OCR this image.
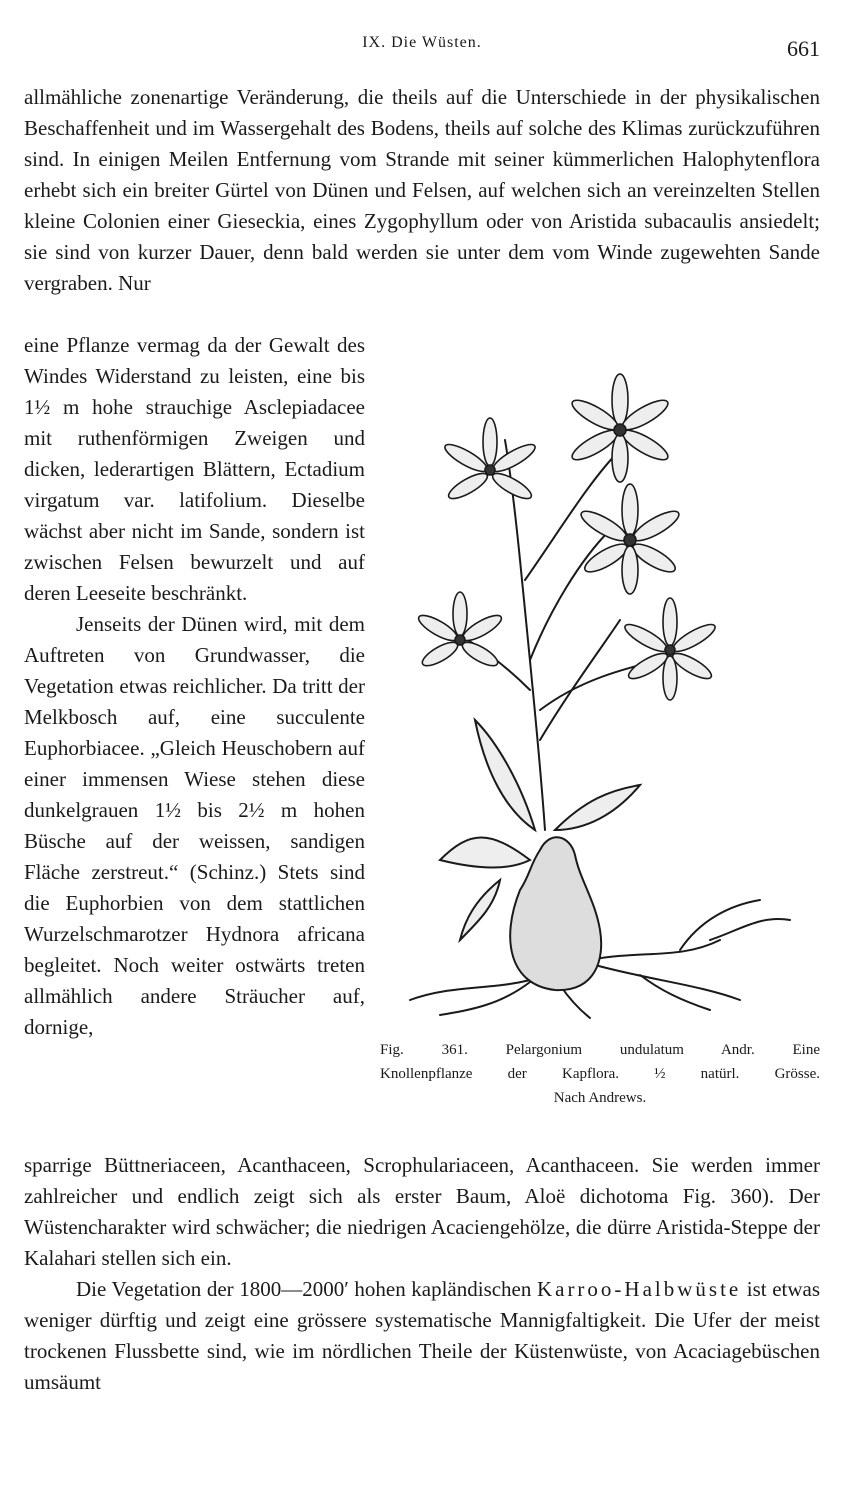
IX. Die Wüsten.	661

allmähliche zonenartige Veränderung, die theils auf die Unterschiede in der physikalischen Beschaffenheit und im Wassergehalt des Bodens, theils auf solche des Klimas zurückzuführen sind. In einigen Meilen Entfernung vom Strande mit seiner kümmerlichen Halophytenflora erhebt sich ein breiter Gürtel von Dünen und Felsen, auf welchen sich an vereinzelten Stellen kleine Colonien einer Gieseckia, eines Zygophyllum oder von Aristida subacaulis ansiedelt; sie sind von kurzer Dauer, denn bald werden sie unter dem vom Winde zugewehten Sande vergraben. Nur

eine Pflanze vermag da der Gewalt des Windes Widerstand zu leisten, eine bis 1½ m hohe strauchige Asclepiadacee mit ruthenförmigen Zweigen und dicken, lederartigen Blättern, Ectadium virgatum var. latifolium. Dieselbe wächst aber nicht im Sande, sondern ist zwischen Felsen bewurzelt und auf deren Leeseite beschränkt.

Jenseits der Dünen wird, mit dem Auftreten von Grundwasser, die Vegetation etwas reichlicher. Da tritt der Melkbosch auf, eine succulente Euphorbiacee. „Gleich Heuschobern auf einer immensen Wiese stehen diese dunkelgrauen 1½ bis 2½ m hohen Büsche auf der weissen, sandigen Fläche zerstreut.“ (Schinz.) Stets sind die Euphorbien von dem stattlichen Wurzelschmarotzer Hydnora africana begleitet. Noch weiter ostwärts treten allmählich andere Sträucher auf, dornige,

Fig. 361. Pelargonium undulatum Andr. Eine
Knollenpflanze der Kapflora. ½ natürl. Grösse.
Nach Andrews.

sparrige Büttneriaceen, Acanthaceen, Scrophulariaceen, Acanthaceen. Sie werden immer zahlreicher und endlich zeigt sich als erster Baum, Aloë dichotoma Fig. 360). Der Wüstencharakter wird schwächer; die niedrigen Acaciengehölze, die dürre Aristida-Steppe der Kalahari stellen sich ein.

Die Vegetation der 1800—2000′ hohen kapländischen Karroo-Halbwüste ist etwas weniger dürftig und zeigt eine grössere systematische Mannigfaltigkeit. Die Ufer der meist trockenen Flussbette sind, wie im nördlichen Theile der Küstenwüste, von Acaciagebüschen umsäumt
